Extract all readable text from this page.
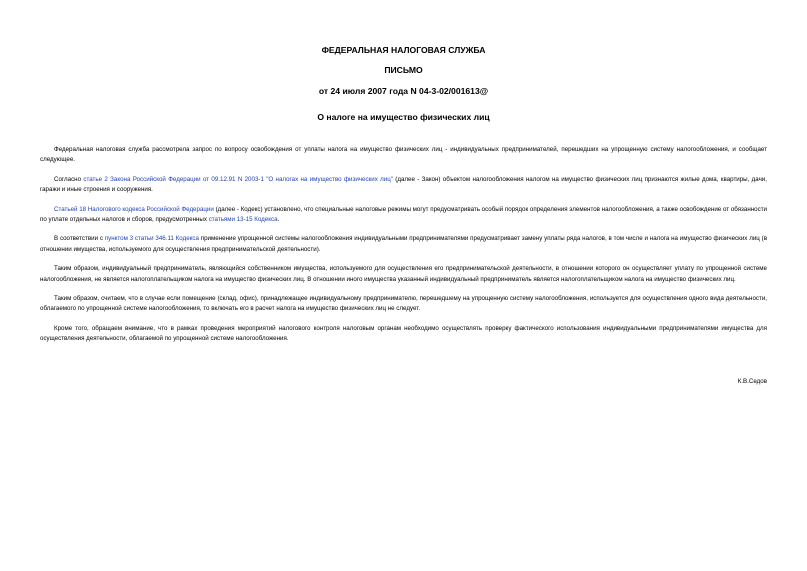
ФЕДЕРАЛЬНАЯ НАЛОГОВАЯ СЛУЖБА
ПИСЬМО
от 24 июля 2007 года N 04-3-02/001613@
О налоге на имущество физических лиц

Федеральная налоговая служба рассмотрела запрос по вопросу освобождения от уплаты налога на имущество физических лиц - индивидуальных предпринимателей, перешедших на упрощенную систему налогообложения, и сообщает следующее.

Согласно статье 2 Закона Российской Федерации от 09.12.91 N 2003-1 "О налогах на имущество физических лиц" (далее - Закон) объектом налогообложения налогом на имущество физических лиц признаются жилые дома, квартиры, дачи, гаражи и иные строения и сооружения.

Статьей 18 Налогового кодекса Российской Федерации (далее - Кодекс) установлено, что специальные налоговые режимы могут предусматривать особый порядок определения элементов налогообложения, а также освобождение от обязанности по уплате отдельных налогов и сборов, предусмотренных статьями 13-15 Кодекса.

В соответствии с пунктом 3 статьи 346.11 Кодекса применение упрощенной системы налогообложения индивидуальными предпринимателями предусматривает замену уплаты ряда налогов, в том числе и налога на имущество физических лиц (в отношении имущества, используемого для осуществления предпринимательской деятельности).

Таким образом, индивидуальный предприниматель, являющийся собственником имущества, используемого для осуществления его предпринимательской деятельности, в отношении которого он осуществляет уплату по упрощенной системе налогообложения, не является налогоплательщиком налога на имущество физических лиц. В отношении иного имущества указанный индивидуальный предприниматель является налогоплательщиком налога на имущество физических лиц.

Таким образом, считаем, что в случае если помещение (склад, офис), принадлежащее индивидуальному предпринимателю, перешедшему на упрощенную систему налогообложения, используется для осуществления одного вида деятельности, облагаемого по упрощенной системе налогообложения, то включать его в расчет налога на имущество физических лиц не следует.

Кроме того, обращаем внимание, что в рамках проведения мероприятий налогового контроля налоговым органам необходимо осуществлять проверку фактического использования индивидуальными предпринимателями имущества для осуществления деятельности, облагаемой по упрощенной системе налогообложения.

К.В.Седов
